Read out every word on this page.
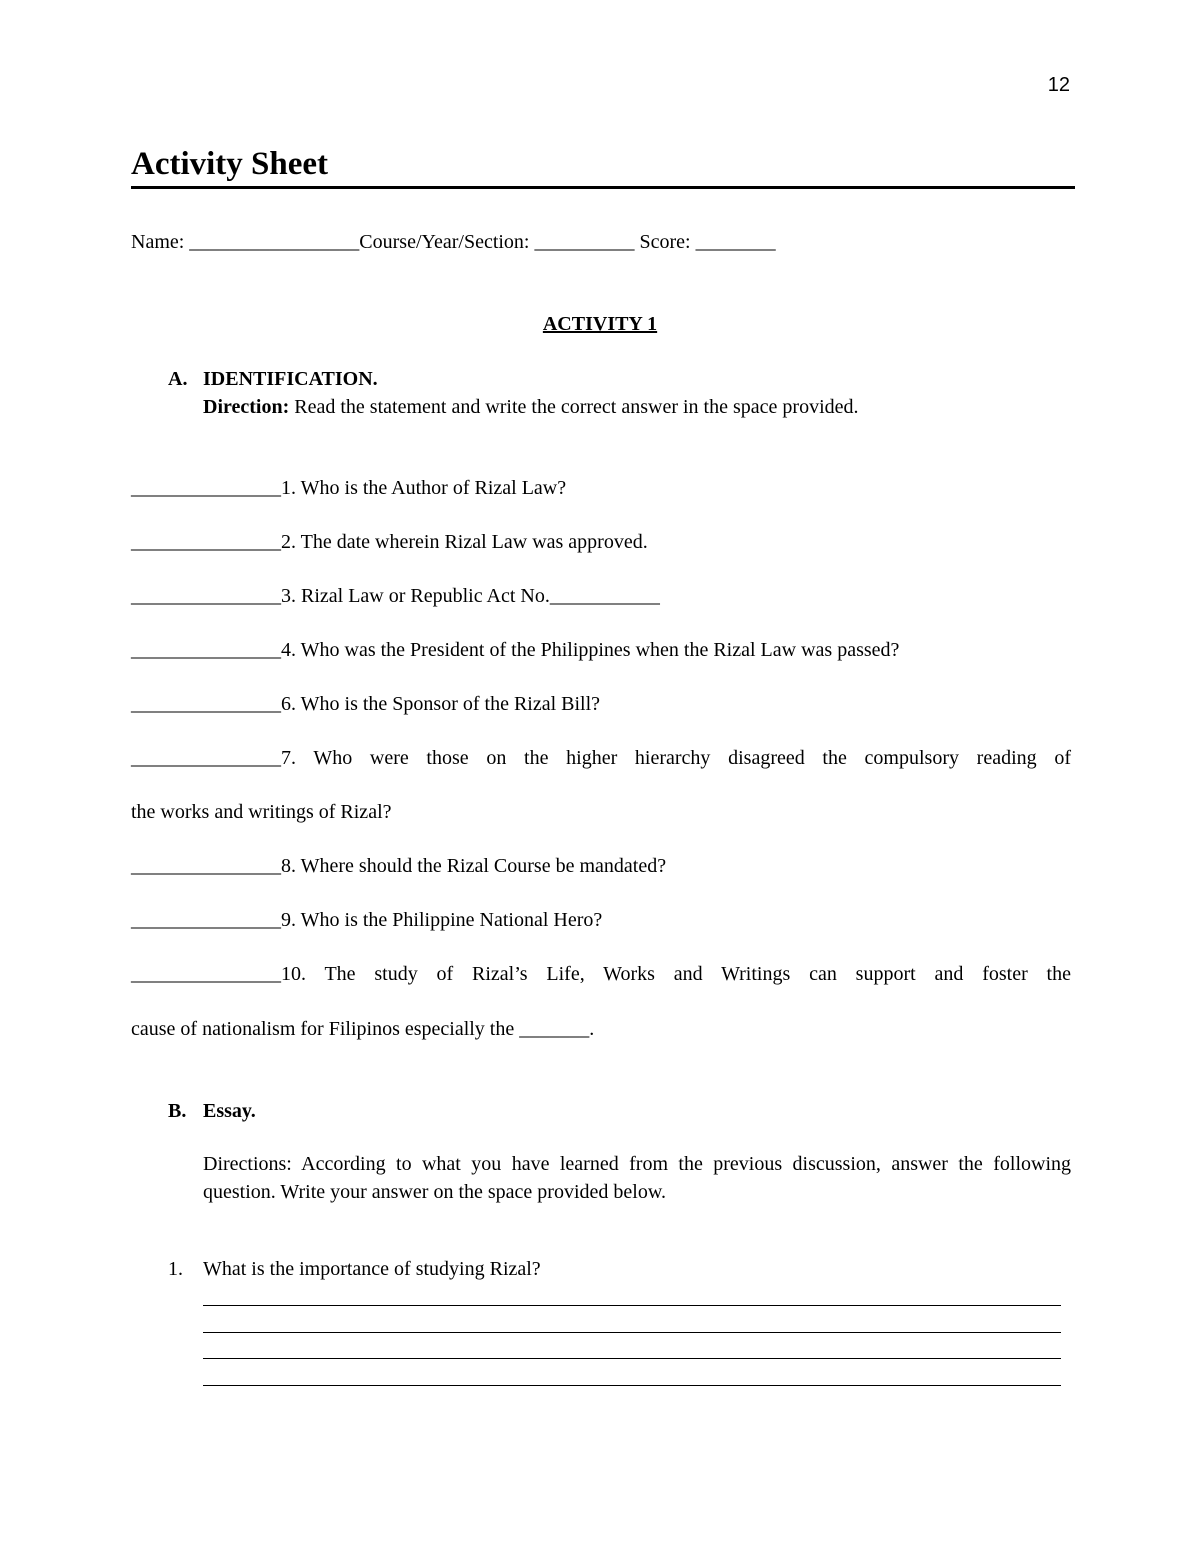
12
Activity Sheet
Name: _________________Course/Year/Section: __________ Score: ________
ACTIVITY 1
A. IDENTIFICATION.
Direction: Read the statement and write the correct answer in the space provided.
_______________1. Who is the Author of Rizal Law?
_______________2. The date wherein Rizal Law was approved.
_______________3. Rizal Law or Republic Act No.___________
_______________4. Who was the President of the Philippines when the Rizal Law was passed?
_______________6. Who is the Sponsor of the Rizal Bill?
_______________7. Who were those on the higher hierarchy disagreed the compulsory reading of
the works and writings of Rizal?
_______________8. Where should the Rizal Course be mandated?
_______________9. Who is the Philippine National Hero?
_______________10. The study of Rizal’s Life, Works and Writings can support and foster the
cause of nationalism for Filipinos especially the _______.
B. Essay.
Directions: According to what you have learned from the previous discussion, answer the following question. Write your answer on the space provided below.
1. What is the importance of studying Rizal?
